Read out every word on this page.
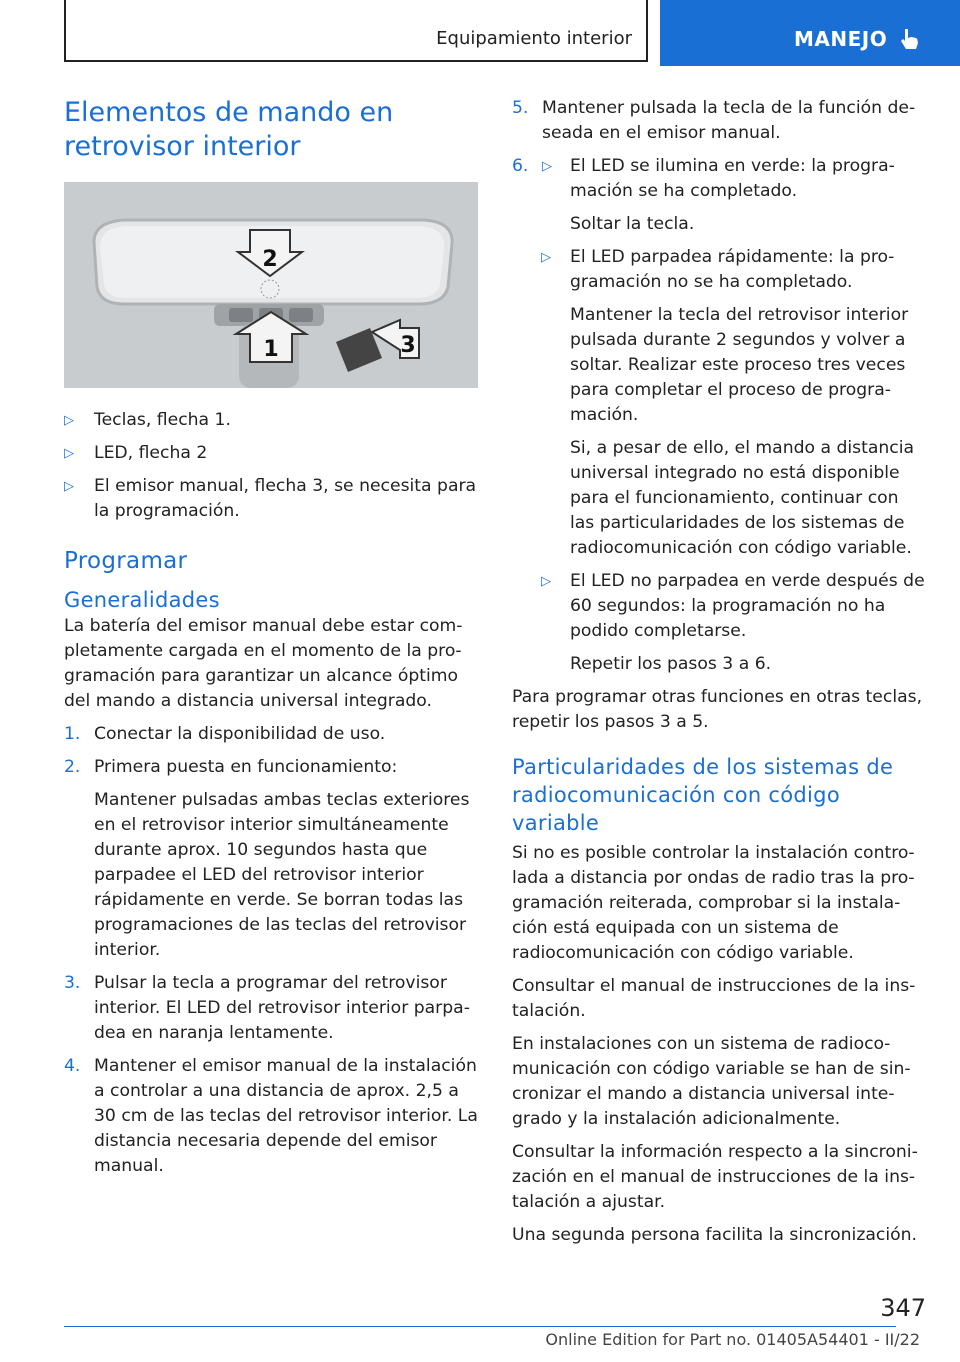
Equipamiento interior	MANEJO
Elementos de mando en retrovisor interior
2
1	3
▷ Teclas, flecha 1.
▷ LED, flecha 2
▷ El emisor manual, flecha 3, se necesita para la programación.
Programar
Generalidades

La batería del emisor manual debe estar completamente cargada en el momento de la programación para garantizar un alcance óptimo del mando a distancia universal integrado.

1. Conectar la disponibilidad de uso.
2. Primera puesta en funcionamiento:
Mantener pulsadas ambas teclas exteriores en el retrovisor interior simultáneamente durante aprox. 10 segundos hasta que parpadee el LED del retrovisor interior rápidamente en verde. Se borran todas las programaciones de las teclas del retrovisor interior.
3. Pulsar la tecla a programar del retrovisor interior. El LED del retrovisor interior parpadea en naranja lentamente.
4. Mantener el emisor manual de la instalación a controlar a una distancia de aprox. 2,5 a 30 cm de las teclas del retrovisor interior. La distancia necesaria depende del emisor manual.
5. Mantener pulsada la tecla de la función deseada en el emisor manual.
6. ▷ El LED se ilumina en verde: la programación se ha completado.
Soltar la tecla.
▷ El LED parpadea rápidamente: la programación no se ha completado.
Mantener la tecla del retrovisor interior pulsada durante 2 segundos y volver a soltar. Realizar este proceso tres veces para completar el proceso de programación.
Si, a pesar de ello, el mando a distancia universal integrado no está disponible para el funcionamiento, continuar con las particularidades de los sistemas de radiocomunicación con código variable.
▷ El LED no parpadea en verde después de 60 segundos: la programación no ha podido completarse.
Repetir los pasos 3 a 6.

Para programar otras funciones en otras teclas, repetir los pasos 3 a 5.

Particularidades de los sistemas de radiocomunicación con código variable

Si no es posible controlar la instalación controlada a distancia por ondas de radio tras la programación reiterada, comprobar si la instalación está equipada con un sistema de radiocomunicación con código variable.

Consultar el manual de instrucciones de la instalación.

En instalaciones con un sistema de radiocomunicación con código variable se han de sincronizar el mando a distancia universal integrado y la instalación adicionalmente.

Consultar la información respecto a la sincronización en el manual de instrucciones de la instalación a ajustar.

Una segunda persona facilita la sincronización.

347
Online Edition for Part no. 01405A54401 - II/22
